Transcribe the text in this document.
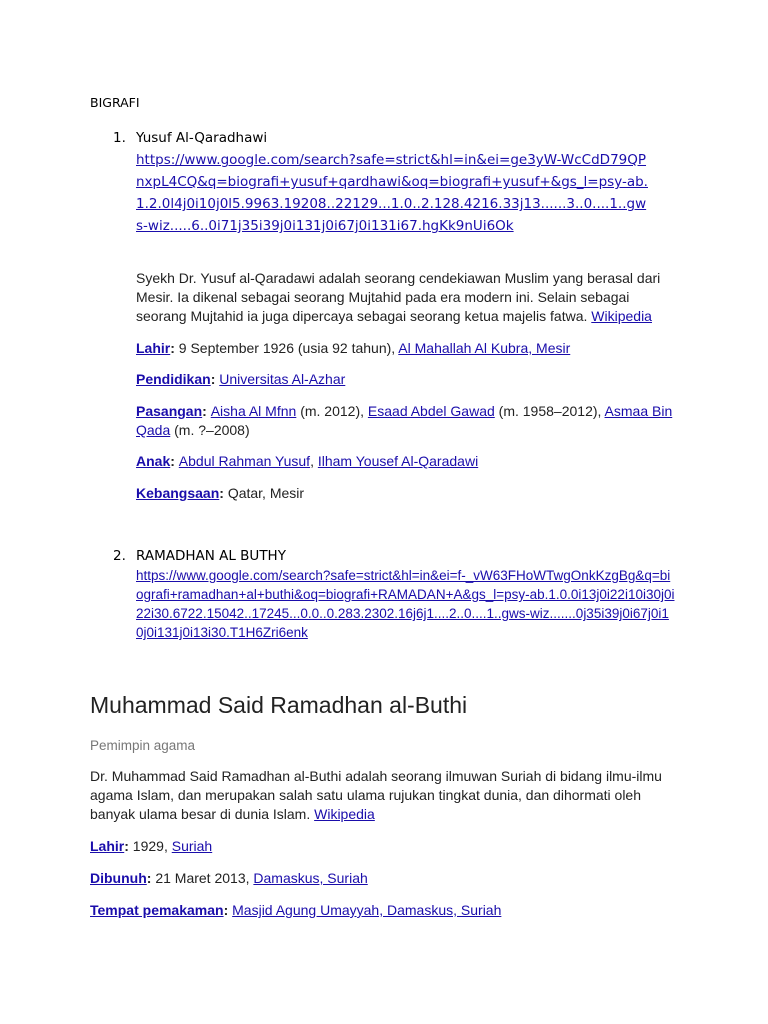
BIGRAFI
1. Yusuf Al-Qaradhawi
https://www.google.com/search?safe=strict&hl=in&ei=ge3yW-WcCdD79QPnxpL4CQ&q=biografi+yusuf+qardhawi&oq=biografi+yusuf+&gs_l=psy-ab.1.2.0l4j0i10j0l5.9963.19208..22129...1.0..2.128.4216.33j13......3..0....1..gws-wiz.....6..0i71j35i39j0i131j0i67j0i131i67.hgKk9nUi6Ok
Syekh Dr. Yusuf al-Qaradawi adalah seorang cendekiawan Muslim yang berasal dari Mesir. Ia dikenal sebagai seorang Mujtahid pada era modern ini. Selain sebagai seorang Mujtahid ia juga dipercaya sebagai seorang ketua majelis fatwa. Wikipedia

Lahir: 9 September 1926 (usia 92 tahun), Al Mahallah Al Kubra, Mesir

Pendidikan: Universitas Al-Azhar

Pasangan: Aisha Al Mfnn (m. 2012), Esaad Abdel Gawad (m. 1958–2012), Asmaa Bin Qada (m. ?–2008)

Anak: Abdul Rahman Yusuf, Ilham Yousef Al-Qaradawi

Kebangsaan: Qatar, Mesir

2. RAMADHAN AL BUTHY
https://www.google.com/search?safe=strict&hl=in&ei=f-_vW63FHoWTwgOnkKzgBg&q=biografi+ramadhan+al+buthi&oq=biografi+RAMADAN+A&gs_l=psy-ab.1.0.0i13j0i22i10i30j0i22i30.6722.15042..17245...0.0..0.283.2302.16j6j1....2..0....1..gws-wiz.......0j35i39j0i67j0i10j0i131j0i13i30.T1H6Zri6enk
Muhammad Said Ramadhan al-Buthi
Pemimpin agama
Dr. Muhammad Said Ramadhan al-Buthi adalah seorang ilmuwan Suriah di bidang ilmu-ilmu agama Islam, dan merupakan salah satu ulama rujukan tingkat dunia, dan dihormati oleh banyak ulama besar di dunia Islam. Wikipedia

Lahir: 1929, Suriah

Dibunuh: 21 Maret 2013, Damaskus, Suriah

Tempat pemakaman: Masjid Agung Umayyah, Damaskus, Suriah
